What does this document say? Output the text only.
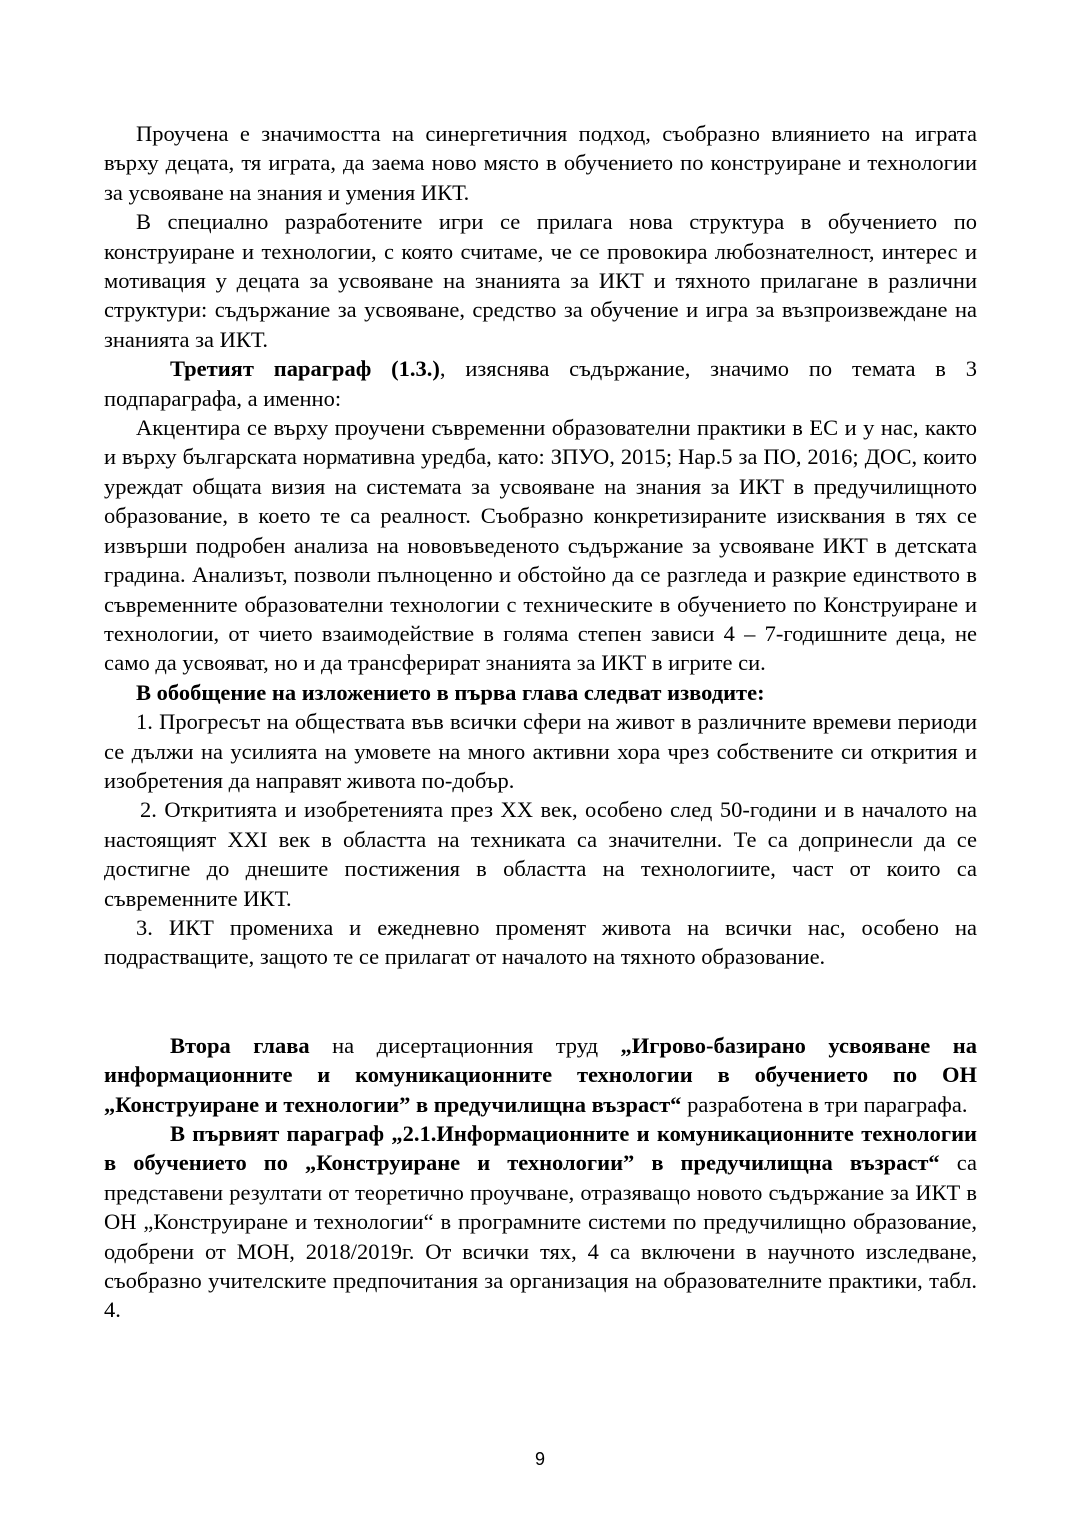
Проучена е значимостта на синергетичния подход, съобразно влиянието на играта върху децата, тя играта, да заема ново място в обучението по конструиране и технологии за усвояване на знания и умения ИКТ.

В специално разработените игри се прилага нова структура в обучението по конструиране и технологии, с която считаме, че се провокира любознателност, интерес и мотивация у децата за усвояване на знанията за ИКТ и тяхното прилагане в различни структури: съдържание за усвояване, средство за обучение и игра за възпроизвеждане на знанията за ИКТ.

Третият параграф (1.3.), изяснява съдържание, значимо по темата в 3 подпараграфа, а именно:

Акцентира се върху проучени съвременни образователни практики в ЕС и у нас, както и върху българската нормативна уредба, като: ЗПУО, 2015; Нар.5 за ПО, 2016; ДОС, които уреждат общата визия на системата за усвояване на знания за ИКТ в предучилищното образование, в което те са реалност. Съобразно конкретизираните изисквания в тях се извърши подробен анализа на нововъведеното съдържание за усвояване ИКТ в детската градина. Анализът, позволи пълноценно и обстойно да се разгледа и разкрие единството в съвременните образователни технологии с техническите в обучението по Конструиране и технологии, от чието взаимодействие в голяма степен зависи 4 – 7-годишните деца, не само да усвояват, но и да трансферират знанията за ИКТ в игрите си.

В обобщение на изложението в първа глава следват изводите:

1. Прогресът на обществата във всички сфери на живот в различните времеви периоди се дължи на усилията на умовете на много активни хора чрез собствените си открития и изобретения да направят живота по-добър.

2. Откритията и изобретенията през XX век, особено след 50-години и в началото на настоящият XXI век в областта на техниката са значителни. Те са допринесли да се достигне до днешите постижения в областта на технологиите, част от които са съвременните ИКТ.

3. ИКТ промениха и ежедневно променят живота на всички нас, особено на подрастващите, защото те се прилагат от началото на тяхното образование.

Втора глава на дисертационния труд „Игрово-базирано усвояване на информационните и комуникационните технологии в обучението по ОН „Конструиране и технологии” в предучилищна възраст“ разработена в три параграфа.

В първият параграф „2.1.Информационните и комуникационните технологии в обучението по „Конструиране и технологии” в предучилищна възраст“ са представени резултати от теоретично проучване, отразяващо новото съдържание за ИКТ в ОН „Конструиране и технологии“ в програмните системи по предучилищно образование, одобрени от МОН, 2018/2019г. От всички тях, 4 са включени в научното изследване, съобразно учителските предпочитания за организация на образователните практики, табл. 4.

9
